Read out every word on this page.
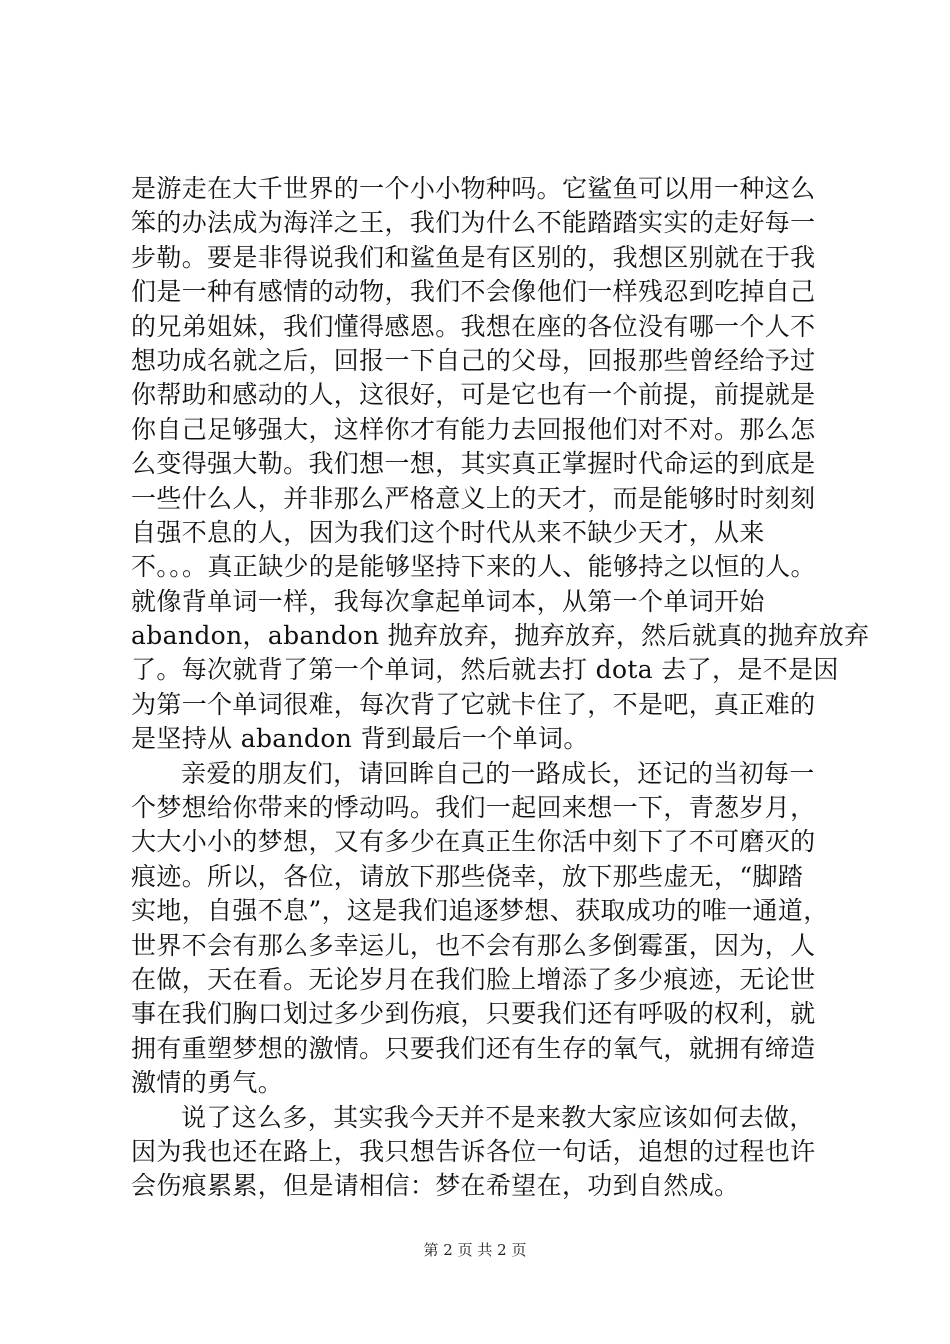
是游走在大千世界的一个小小物种吗。它鲨鱼可以用一种这么
笨的办法成为海洋之王，我们为什么不能踏踏实实的走好每一
步勒。要是非得说我们和鲨鱼是有区别的，我想区别就在于我
们是一种有感情的动物，我们不会像他们一样残忍到吃掉自己
的兄弟姐妹，我们懂得感恩。我想在座的各位没有哪一个人不
想功成名就之后，回报一下自己的父母，回报那些曾经给予过
你帮助和感动的人，这很好，可是它也有一个前提，前提就是
你自己足够强大，这样你才有能力去回报他们对不对。那么怎
么变得强大勒。我们想一想，其实真正掌握时代命运的到底是
一些什么人，并非那么严格意义上的天才，而是能够时时刻刻
自强不息的人，因为我们这个时代从来不缺少天才，从来
不。。。真正缺少的是能够坚持下来的人、能够持之以恒的人。
就像背单词一样，我每次拿起单词本，从第一个单词开始
abandon，abandon 抛弃放弃，抛弃放弃，然后就真的抛弃放弃
了。每次就背了第一个单词，然后就去打 dota 去了，是不是因
为第一个单词很难，每次背了它就卡住了，不是吧，真正难的
是坚持从 abandon 背到最后一个单词。
亲爱的朋友们，请回眸自己的一路成长，还记的当初每一
个梦想给你带来的悸动吗。我们一起回来想一下，青葱岁月，
大大小小的梦想，又有多少在真正生你活中刻下了不可磨灭的
痕迹。所以，各位，请放下那些侥幸，放下那些虚无，“脚踏
实地，自强不息”，这是我们追逐梦想、获取成功的唯一通道，
世界不会有那么多幸运儿，也不会有那么多倒霉蛋，因为，人
在做，天在看。无论岁月在我们脸上增添了多少痕迹，无论世
事在我们胸口划过多少到伤痕，只要我们还有呼吸的权利，就
拥有重塑梦想的激情。只要我们还有生存的氧气，就拥有缔造
激情的勇气。
说了这么多，其实我今天并不是来教大家应该如何去做，
因为我也还在路上，我只想告诉各位一句话，追想的过程也许
会伤痕累累，但是请相信：梦在希望在，功到自然成。
第 2 页 共 2 页
